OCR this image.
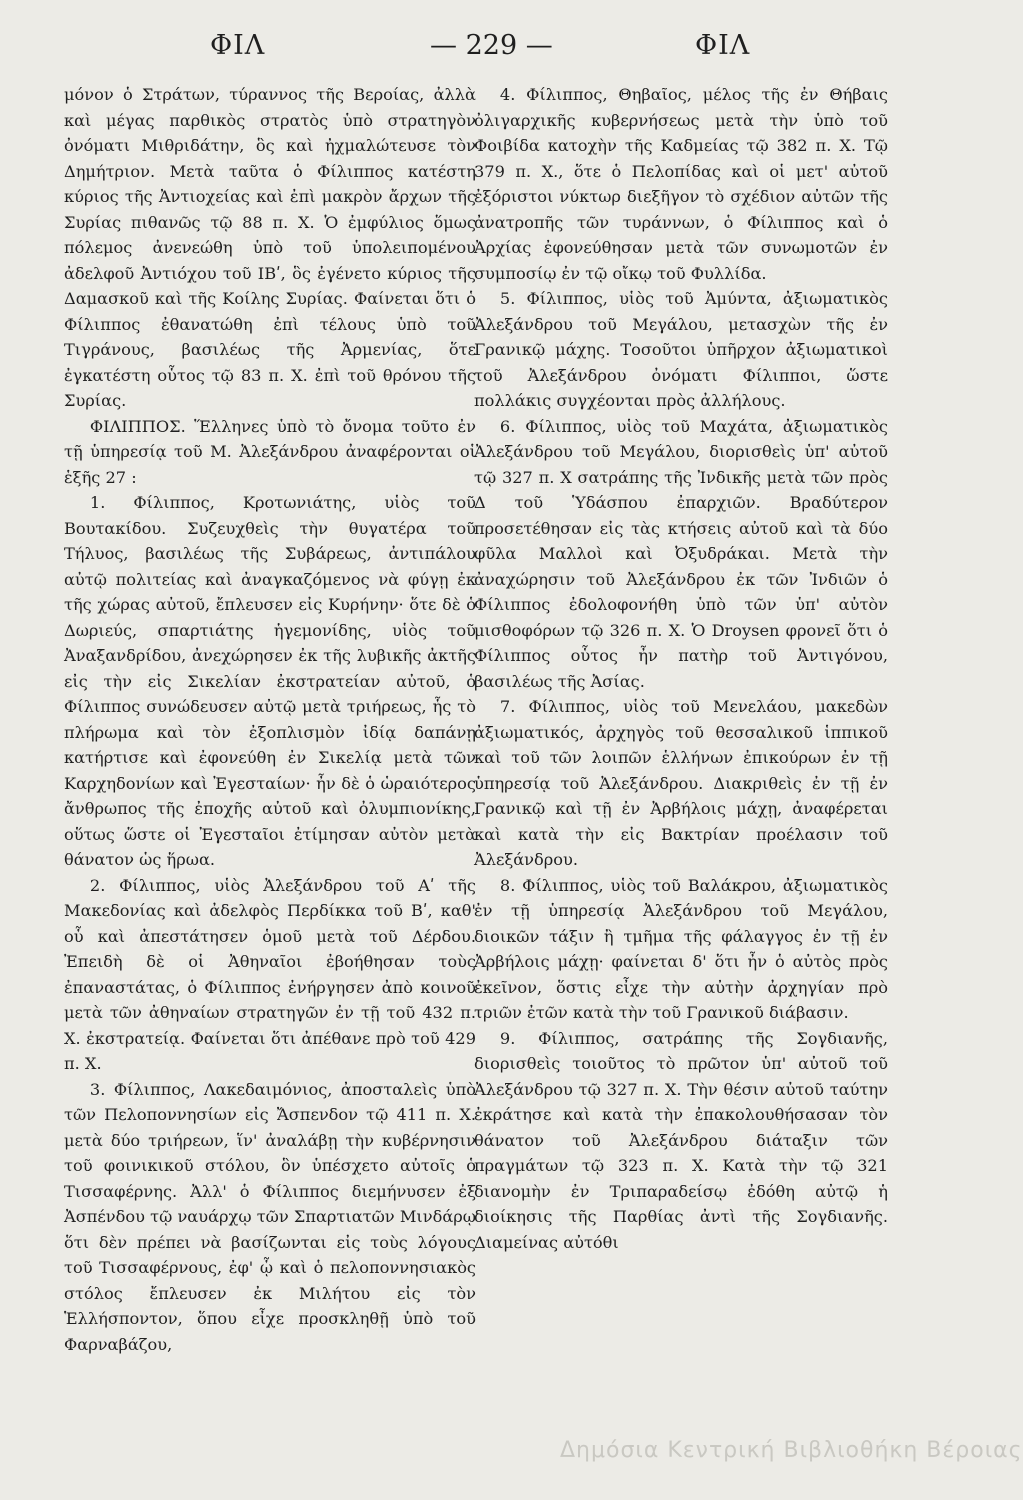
ΦΙΛ	— 229 —	ΦΙΛ

μόνον ὁ Στράτων, τύραννος τῆς Βεροίας, ἀλλὰ καὶ μέγας παρθικὸς στρατὸς ὑπὸ στρατηγὸν ὀνόματι Μιθριδάτην, ὃς καὶ ἠχμαλώτευσε τὸν Δημήτριον. Μετὰ ταῦτα ὁ Φίλιππος κατέστη κύριος τῆς Ἀντιοχείας καὶ ἐπὶ μακρὸν ἄρχων τῆς Συρίας πιθανῶς τῷ 88 π. Χ. Ὁ ἐμφύλιος ὅμως πόλεμος ἀνενεώθη ὑπὸ τοῦ ὑπολειπομένου ἀδελφοῦ Ἀντιόχου τοῦ ΙΒʹ, ὃς ἐγένετο κύριος τῆς Δαμασκοῦ καὶ τῆς Κοίλης Συρίας. Φαίνεται ὅτι ὁ Φίλιππος ἐθανατώθη ἐπὶ τέλους ὑπὸ τοῦ Τιγράνους, βασιλέως τῆς Ἀρμενίας, ὅτε ἐγκατέστη οὗτος τῷ 83 π. Χ. ἐπὶ τοῦ θρόνου τῆς Συρίας.

ΦΙΛΙΠΠΟΣ. Ἕλληνες ὑπὸ τὸ ὄνομα τοῦτο ἐν τῇ ὑπηρεσίᾳ τοῦ Μ. Ἀλεξάνδρου ἀναφέρονται οἱ ἑξῆς 27 :

1. Φίλιππος, Κροτωνιάτης, υἱὸς τοῦ Βουτακίδου. Συζευχθεὶς τὴν θυγατέρα τοῦ Τήλυος, βασιλέως τῆς Συβάρεως, ἀντιπάλου αὐτῷ πολιτείας καὶ ἀναγκαζόμενος νὰ φύγῃ ἐκ τῆς χώρας αὐτοῦ, ἔπλευσεν εἰς Κυρήνην· ὅτε δὲ ὁ Δωριεύς, σπαρτιάτης ἡγεμονίδης, υἱὸς τοῦ Ἀναξανδρίδου, ἀνεχώρησεν ἐκ τῆς λυβικῆς ἀκτῆς εἰς τὴν εἰς Σικελίαν ἐκστρατείαν αὐτοῦ, ὁ Φίλιππος συνώδευσεν αὐτῷ μετὰ τριήρεως, ἧς τὸ πλήρωμα καὶ τὸν ἐξοπλισμὸν ἰδίᾳ δαπάνῃ κατήρτισε καὶ ἐφονεύθη ἐν Σικελίᾳ μετὰ τῶν Καρχηδονίων καὶ Ἐγεσταίων· ἦν δὲ ὁ ὡραιότερος ἄνθρωπος τῆς ἐποχῆς αὐτοῦ καὶ ὀλυμπιονίκης, οὕτως ὥστε οἱ Ἐγεσταῖοι ἐτίμησαν αὐτὸν μετὰ θάνατον ὡς ἥρωα.

2. Φίλιππος, υἱὸς Ἀλεξάνδρου τοῦ Αʹ τῆς Μακεδονίας καὶ ἀδελφὸς Περδίκκα τοῦ Βʹ, καθ' οὗ καὶ ἀπεστάτησεν ὁμοῦ μετὰ τοῦ Δέρδου. Ἐπειδὴ δὲ οἱ Ἀθηναῖοι ἐβοήθησαν τοὺς ἐπαναστάτας, ὁ Φίλιππος ἐνήργησεν ἀπὸ κοινοῦ μετὰ τῶν ἀθηναίων στρατηγῶν ἐν τῇ τοῦ 432 π. Χ. ἐκστρατείᾳ. Φαίνεται ὅτι ἀπέθανε πρὸ τοῦ 429 π. Χ.

3. Φίλιππος, Λακεδαιμόνιος, ἀποσταλεὶς ὑπὸ τῶν Πελοποννησίων εἰς Ἄσπενδον τῷ 411 π. Χ. μετὰ δύο τριήρεων, ἵν' ἀναλάβῃ τὴν κυβέρνησιν τοῦ φοινικικοῦ στόλου, ὃν ὑπέσχετο αὐτοῖς ὁ Τισσαφέρνης. Ἀλλ' ὁ Φίλιππος διεμήνυσεν ἐξ Ἀσπένδου τῷ ναυάρχῳ τῶν Σπαρτιατῶν Μινδάρῳ ὅτι δὲν πρέπει νὰ βασίζωνται εἰς τοὺς λόγους τοῦ Τισσαφέρνους, ἐφ' ᾧ καὶ ὁ πελοποννησιακὸς στόλος ἔπλευσεν ἐκ Μιλήτου εἰς τὸν Ἑλλήσποντον, ὅπου εἶχε προσκληθῇ ὑπὸ τοῦ Φαρναβάζου,

4. Φίλιππος, Θηβαῖος, μέλος τῆς ἐν Θήβαις ὀλιγαρχικῆς κυβερνήσεως μετὰ τὴν ὑπὸ τοῦ Φοιβίδα κατοχὴν τῆς Καδμείας τῷ 382 π. Χ. Τῷ 379 π. Χ., ὅτε ὁ Πελοπίδας καὶ οἱ μετ' αὐτοῦ ἐξόριστοι νύκτωρ διεξῆγον τὸ σχέδιον αὐτῶν τῆς ἀνατροπῆς τῶν τυράννων, ὁ Φίλιππος καὶ ὁ Ἀρχίας ἐφονεύθησαν μετὰ τῶν συνωμοτῶν ἐν συμποσίῳ ἐν τῷ οἴκῳ τοῦ Φυλλίδα.

5. Φίλιππος, υἱὸς τοῦ Ἀμύντα, ἀξιωματικὸς Ἀλεξάνδρου τοῦ Μεγάλου, μετασχὼν τῆς ἐν Γρανικῷ μάχης. Τοσοῦτοι ὑπῆρχον ἀξιωματικοὶ τοῦ Ἀλεξάνδρου ὀνόματι Φίλιπποι, ὥστε πολλάκις συγχέονται πρὸς ἀλλήλους.

6. Φίλιππος, υἱὸς τοῦ Μαχάτα, ἀξιωματικὸς Ἀλεξάνδρου τοῦ Μεγάλου, διορισθεὶς ὑπ' αὐτοῦ τῷ 327 π. Χ σατράπης τῆς Ἰνδικῆς μετὰ τῶν πρὸς Δ τοῦ Ὑδάσπου ἐπαρχιῶν. Βραδύτερον προσετέθησαν εἰς τὰς κτήσεις αὐτοῦ καὶ τὰ δύο φῦλα Μαλλοὶ καὶ Ὀξυδράκαι. Μετὰ τὴν ἀναχώρησιν τοῦ Ἀλεξάνδρου ἐκ τῶν Ἰνδιῶν ὁ Φίλιππος ἐδολοφονήθη ὑπὸ τῶν ὑπ' αὐτὸν μισθοφόρων τῷ 326 π. Χ. Ὁ Droysen φρονεῖ ὅτι ὁ Φίλιππος οὗτος ἦν πατὴρ τοῦ Ἀντιγόνου, βασιλέως τῆς Ἀσίας.

7. Φίλιππος, υἱὸς τοῦ Μενελάου, μακεδὼν ἀξιωματικός, ἀρχηγὸς τοῦ θεσσαλικοῦ ἱππικοῦ καὶ τοῦ τῶν λοιπῶν ἑλλήνων ἐπικούρων ἐν τῇ ὑπηρεσίᾳ τοῦ Ἀλεξάνδρου. Διακριθεὶς ἐν τῇ ἐν Γρανικῷ καὶ τῇ ἐν Ἀρβήλοις μάχῃ, ἀναφέρεται καὶ κατὰ τὴν εἰς Βακτρίαν προέλασιν τοῦ Ἀλεξάνδρου.

8. Φίλιππος, υἱὸς τοῦ Βαλάκρου, ἀξιωματικὸς ἐν τῇ ὑπηρεσίᾳ Ἀλεξάνδρου τοῦ Μεγάλου, διοικῶν τάξιν ἢ τμῆμα τῆς φάλαγγος ἐν τῇ ἐν Ἀρβήλοις μάχῃ· φαίνεται δ' ὅτι ἦν ὁ αὐτὸς πρὸς ἐκεῖνον, ὅστις εἶχε τὴν αὐτὴν ἀρχηγίαν πρὸ τριῶν ἐτῶν κατὰ τὴν τοῦ Γρανικοῦ διάβασιν.

9. Φίλιππος, σατράπης τῆς Σογδιανῆς, διορισθεὶς τοιοῦτος τὸ πρῶτον ὑπ' αὐτοῦ τοῦ Ἀλεξάνδρου τῷ 327 π. Χ. Τὴν θέσιν αὐτοῦ ταύτην ἐκράτησε καὶ κατὰ τὴν ἐπακολουθήσασαν τὸν θάνατον τοῦ Ἀλεξάνδρου διάταξιν τῶν πραγμάτων τῷ 323 π. Χ. Κατὰ τὴν τῷ 321 διανομὴν ἐν Τριπαραδείσῳ ἐδόθη αὐτῷ ἡ διοίκησις τῆς Παρθίας ἀντὶ τῆς Σογδιανῆς. Διαμείνας αὐτόθι

Δημόσια Κεντρική Βιβλιοθήκη Βέροιας
